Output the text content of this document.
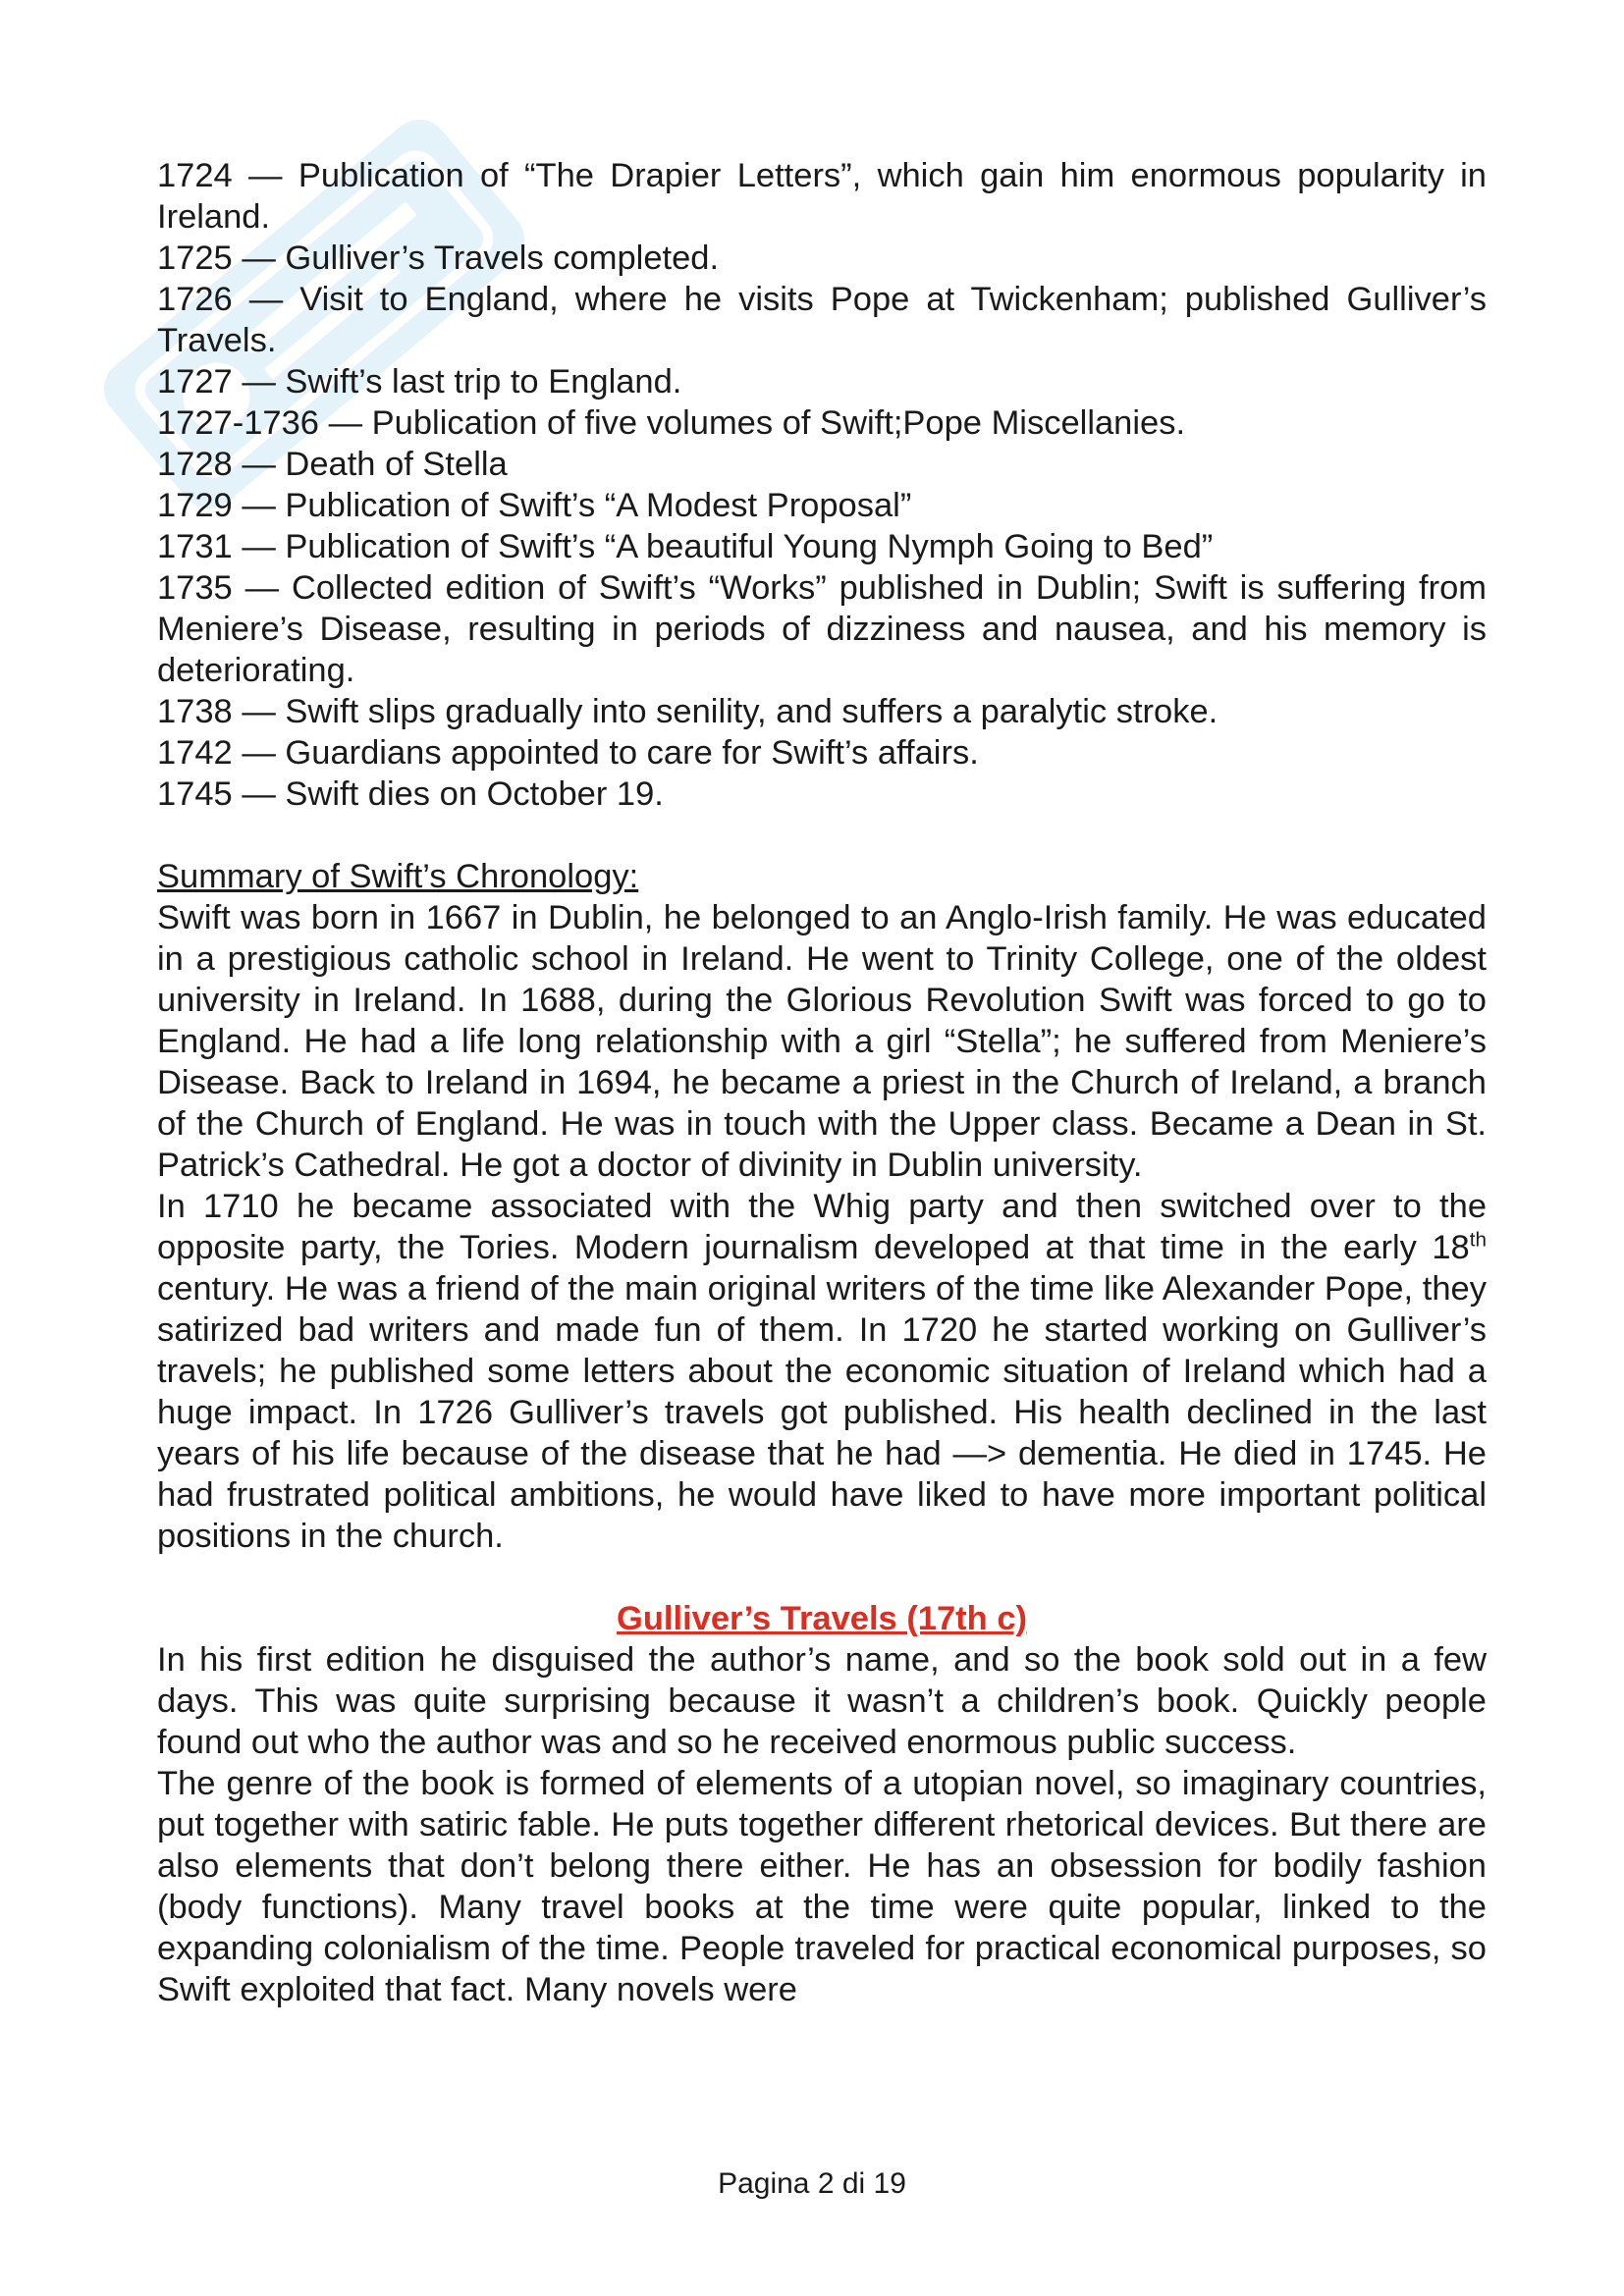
1724 — Publication of “The Drapier Letters”, which gain him enormous popularity in Ireland.

1725 — Gulliver’s Travels completed.

1726 — Visit to England, where he visits Pope at Twickenham; published Gulliver’s Travels.

1727 — Swift’s last trip to England.

1727-1736 — Publication of five volumes of Swift;Pope Miscellanies.

1728 — Death of Stella

1729 — Publication of Swift’s “A Modest Proposal”

1731 — Publication of Swift’s “A beautiful Young Nymph Going to Bed”

1735 — Collected edition of Swift’s “Works” published in Dublin; Swift is suffering from Meniere’s Disease, resulting in periods of dizziness and nausea, and his memory is deteriorating.

1738 — Swift slips gradually into senility, and suffers a paralytic stroke.

1742 — Guardians appointed to care for Swift’s affairs.

1745 — Swift dies on October 19.

Summary of Swift’s Chronology:

Swift was born in 1667 in Dublin, he belonged to an Anglo-Irish family. He was educated in a prestigious catholic school in Ireland. He went to Trinity College, one of the oldest university in Ireland. In 1688, during the Glorious Revolution Swift was forced to go to England. He had a life long relationship with a girl “Stella”; he suffered from Meniere’s Disease. Back to Ireland in 1694, he became a priest in the Church of Ireland, a branch of the Church of England. He was in touch with the Upper class. Became a Dean in St. Patrick’s Cathedral. He got a doctor of divinity in Dublin university.

In 1710 he became associated with the Whig party and then switched over to the opposite party, the Tories. Modern journalism developed at that time in the early 18th century. He was a friend of the main original writers of the time like Alexander Pope, they satirized bad writers and made fun of them. In 1720 he started working on Gulliver’s travels; he published some letters about the economic situation of Ireland which had a huge impact. In 1726 Gulliver’s travels got published. His health declined in the last years of his life because of the disease that he had —> dementia. He died in 1745. He had frustrated political ambitions, he would have liked to have more important political positions in the church.

Gulliver’s Travels (17th c)

In his first edition he disguised the author’s name, and so the book sold out in a few days. This was quite surprising because it wasn’t a children’s book. Quickly people found out who the author was and so he received enormous public success.

The genre of the book is formed of elements of a utopian novel, so imaginary countries, put together with satiric fable. He puts together different rhetorical devices. But there are also elements that don’t belong there either. He has an obsession for bodily fashion (body functions). Many travel books at the time were quite popular, linked to the expanding colonialism of the time. People traveled for practical economical purposes, so Swift exploited that fact. Many novels were

Pagina 2 di 19
